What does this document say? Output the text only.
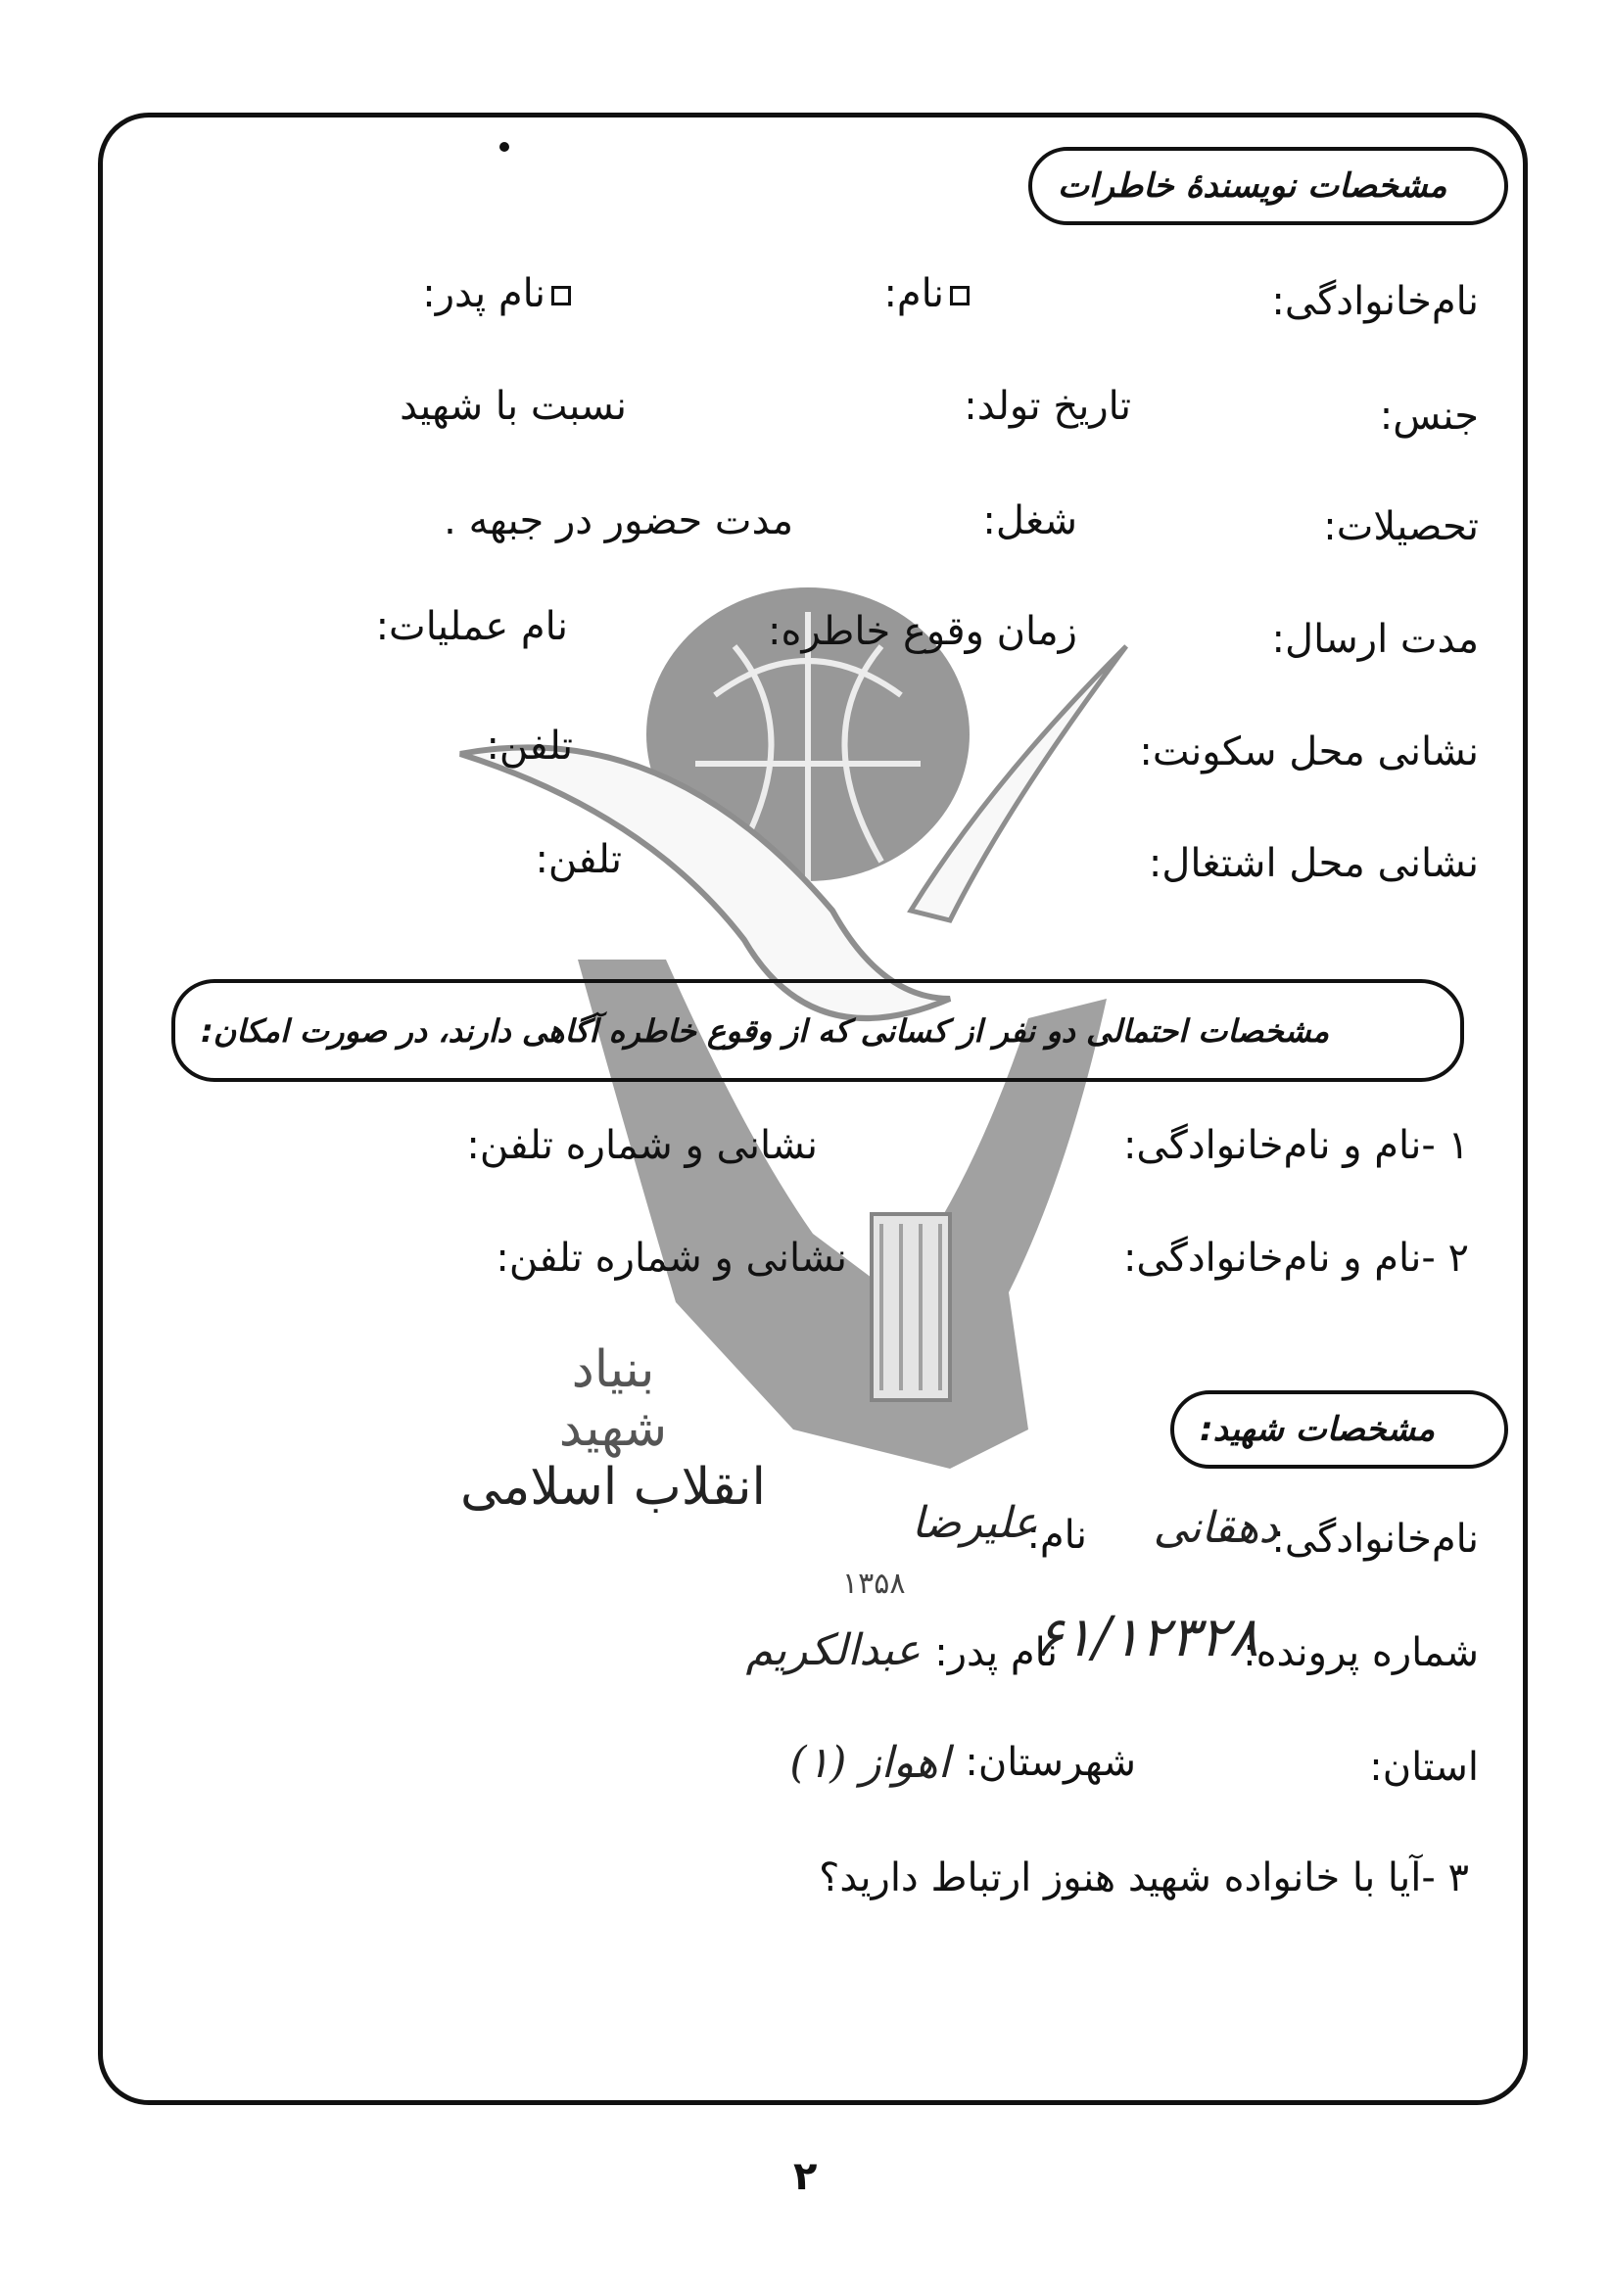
بنیاد
شهید
انقلاب اسلامی
۱۳۵۸
مشخصات نویسندهٔ خاطرات
نام‌خانوادگی:
نام:
نام پدر:
جنس:
تاریخ تولد:
نسبت با شهید
تحصیلات:
شغل:
مدت حضور در جبهه .
مدت ارسال:
زمان وقوع خاطره:
نام عملیات:
نشانی محل سکونت:
تلفن:
نشانی محل اشتغال:
تلفن:
مشخصات احتمالی دو نفر از کسانی که از وقوع خاطره آگاهی دارند، در صورت امکان:
۱ -نام و نام‌خانوادگی:
نشانی و شماره تلفن:
۲ -نام و نام‌خانوادگی:
نشانی و شماره تلفن:
مشخصات شهید:
نام‌خانوادگی:
دهقانی
نام:
علیرضا
شماره پرونده:
۶۱/۱۲۳۲۸
نام پدر:
عبدالکریم
استان:
شهرستان:
اهواز (۱)
۳ -آیا با خانواده شهید هنوز ارتباط دارید؟
۲
